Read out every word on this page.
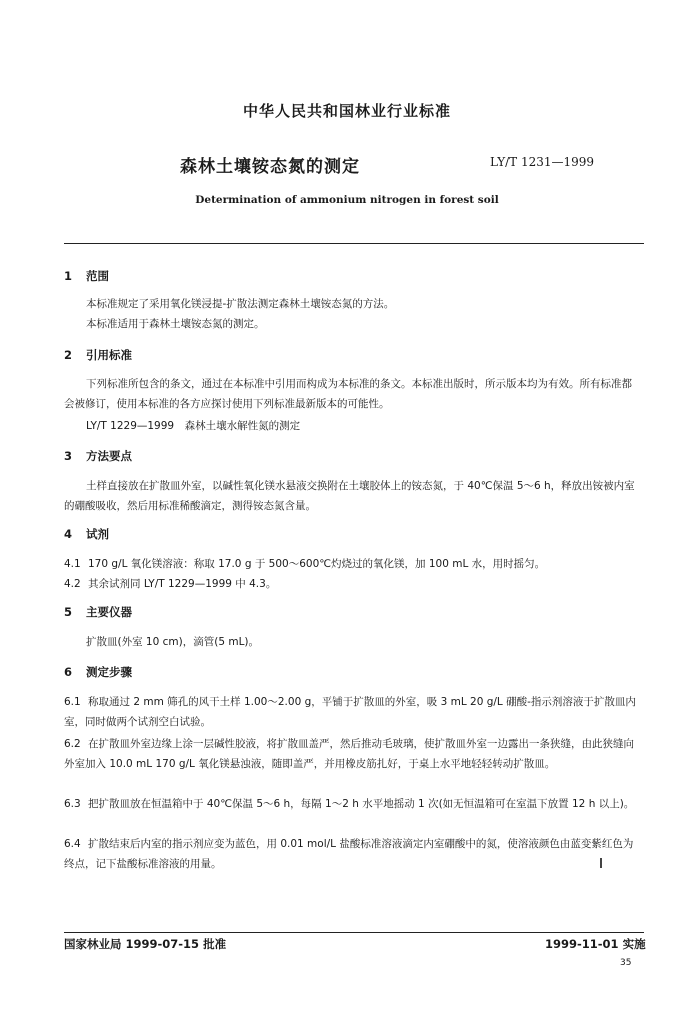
中华人民共和国林业行业标准
森林土壤铵态氮的测定	LY/T 1231—1999
Determination of ammonium nitrogen in forest soil
1 范围
本标准规定了采用氧化镁浸提-扩散法测定森林土壤铵态氮的方法。
本标准适用于森林土壤铵态氮的测定。
2 引用标准
下列标准所包含的条文，通过在本标准中引用而构成为本标准的条文。本标准出版时，所示版本均为有效。所有标准都会被修订，使用本标准的各方应探讨使用下列标准最新版本的可能性。
LY/T 1229—1999　森林土壤水解性氮的测定
3 方法要点
土样直接放在扩散皿外室，以碱性氧化镁水悬液交换附在土壤胶体上的铵态氮，于 40℃保温 5～6 h，释放出铵被内室的硼酸吸收，然后用标准稀酸滴定，测得铵态氮含量。
4 试剂
4.1 170 g/L 氧化镁溶液：称取 17.0 g 于 500～600℃灼烧过的氧化镁，加 100 mL 水，用时摇匀。
4.2 其余试剂同 LY/T 1229—1999 中 4.3。
5 主要仪器
扩散皿(外室 10 cm)，滴管(5 mL)。
6 测定步骤
6.1 称取通过 2 mm 筛孔的风干土样 1.00～2.00 g，平铺于扩散皿的外室，吸 3 mL 20 g/L 硼酸-指示剂溶液于扩散皿内室，同时做两个试剂空白试验。
6.2 在扩散皿外室边缘上涂一层碱性胶液，将扩散皿盖严，然后推动毛玻璃，使扩散皿外室一边露出一条狭缝，由此狭缝向外室加入 10.0 mL 170 g/L 氧化镁悬浊液，随即盖严，并用橡皮筋扎好，于桌上水平地轻轻转动扩散皿。
6.3 把扩散皿放在恒温箱中于 40℃保温 5～6 h，每隔 1～2 h 水平地摇动 1 次(如无恒温箱可在室温下放置 12 h 以上)。
6.4 扩散结束后内室的指示剂应变为蓝色，用 0.01 mol/L 盐酸标准溶液滴定内室硼酸中的氮，使溶液颜色由蓝变紫红色为终点，记下盐酸标准溶液的用量。
国家林业局 1999-07-15 批准	1999-11-01 实施
35
